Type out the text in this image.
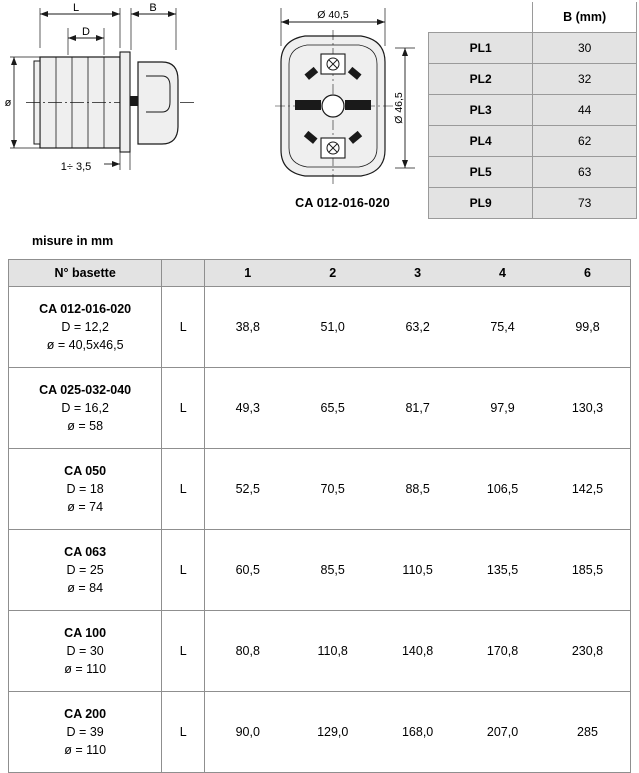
L	B
D
ø
1÷ 3,5
Ø 40,5
Ø 46,5
CA 012-016-020
	B (mm)
PL1	30
PL2	32
PL3	44
PL4	62
PL5	63
PL9	73
misure in mm
N° basette		1	2	3	4	6

CA 012-016-020
D = 12,2
ø = 40,5x46,5	L	38,8	51,0	63,2	75,4	99,8

CA 025-032-040
D = 16,2
ø = 58	L	49,3	65,5	81,7	97,9	130,3

CA 050
D = 18
ø = 74	L	52,5	70,5	88,5	106,5	142,5

CA 063
D = 25
ø = 84	L	60,5	85,5	110,5	135,5	185,5

CA 100
D = 30
ø = 110	L	80,8	110,8	140,8	170,8	230,8

CA 200
D = 39
ø = 110	L	90,0	129,0	168,0	207,0	285
